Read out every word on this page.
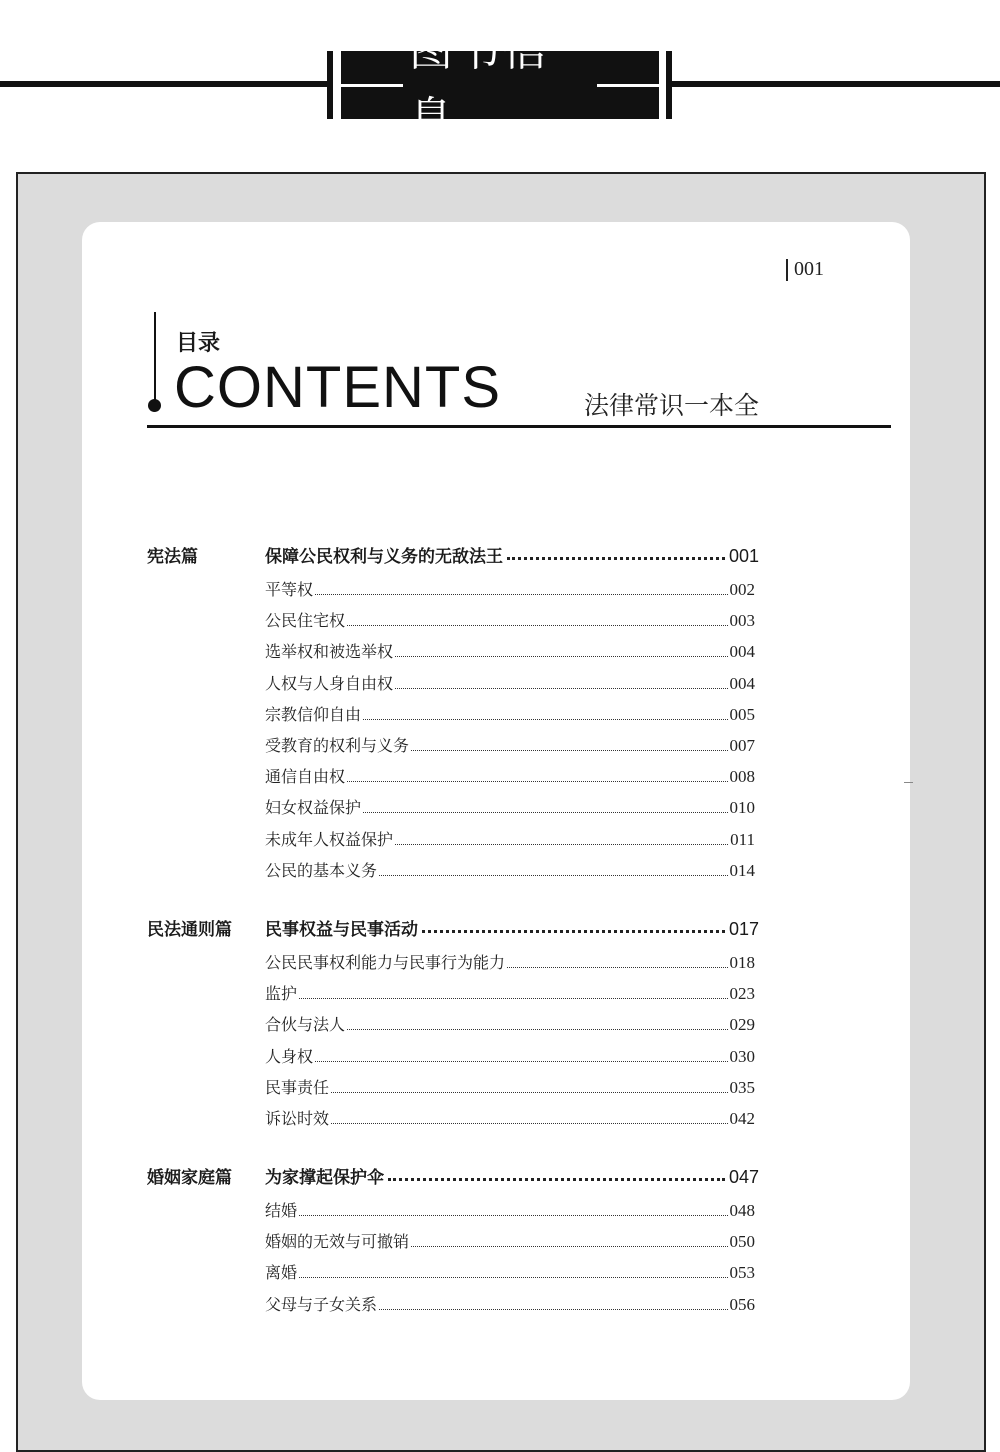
图书信息
001
目录
CONTENTS	法律常识一本全
宪法篇	保障公民权利与义务的无敌法王	001
平等权	002
公民住宅权	003
选举权和被选举权	004
人权与人身自由权	004
宗教信仰自由	005
受教育的权利与义务	007
通信自由权	008
妇女权益保护	010
未成年人权益保护	011
公民的基本义务	014
民法通则篇	民事权益与民事活动	017
公民民事权利能力与民事行为能力	018
监护	023
合伙与法人	029
人身权	030
民事责任	035
诉讼时效	042
婚姻家庭篇	为家撑起保护伞	047
结婚	048
婚姻的无效与可撤销	050
离婚	053
父母与子女关系	056
